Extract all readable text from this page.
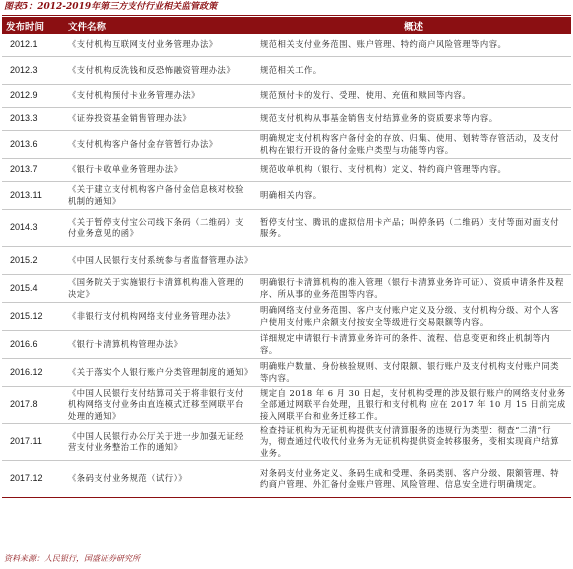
图表5：2012-2019年第三方支付行业相关监管政策
发布时间	文件名称	概述
2012.1	《支付机构互联网支付业务管理办法》	规范相关支付业务范围、账户管理、特约商户风险管理等内容。
2012.3	《支付机构反洗钱和反恐怖融资管理办法》	规范相关工作。
2012.9	《支付机构预付卡业务管理办法》	规范预付卡的发行、受理、使用、充值和赎回等内容。
2013.3	《证券投资基金销售管理办法》	规范支付机构从事基金销售支付结算业务的资质要求等内容。
2013.6	《支付机构客户备付金存管暂行办法》	明确规定支付机构客户备付金的存放、归集、使用、划转等存管活动，及支付机构在银行开设的备付金账户类型与功能等内容。
2013.7	《银行卡收单业务管理办法》	规范收单机构（银行、支付机构）定义、特约商户管理等内容。
2013.11	《关于建立支付机构客户备付金信息核对校验机制的通知》	明确相关内容。
2014.3	《关于暂停支付宝公司线下条码（二维码）支付业务意见的函》	暂停支付宝、腾讯的虚拟信用卡产品；叫停条码（二维码）支付等面对面支付服务。
2015.2	《中国人民银行支付系统参与者监督管理办法》	
2015.4	《国务院关于实施银行卡清算机构准入管理的决定》	明确银行卡清算机构的准入管理（银行卡清算业务许可证）、资质申请条件及程序、所从事的业务范围等内容。
2015.12	《非银行支付机构网络支付业务管理办法》	明确网络支付业务范围、客户支付账户定义及分级、支付机构分级、对个人客户使用支付账户余额支付按安全等级进行交易限额等内容。
2016.6	《银行卡清算机构管理办法》	详细规定申请银行卡清算业务许可的条件、流程、信息变更和终止机制等内容。
2016.12	《关于落实个人银行账户分类管理制度的通知》	明确账户数量、身份核验规则、支付限额、银行账户及支付机构支付账户同类等内容。
2017.8	《中国人民银行支付结算司关于将非银行支付机构网络支付业务由直连模式迁移至网联平台处理的通知》	规定自 2018 年 6 月 30 日起，支付机构受理的涉及银行账户的网络支付业务全部通过网联平台处理，且银行和支付机构 应在 2017 年 10 月 15 日前完成接入网联平台和业务迁移工作。
2017.11	《中国人民银行办公厅关于进一步加强无证经营支付业务整治工作的通知》	检查持证机构为无证机构提供支付清算服务的违规行为类型：彻查“二清”行为，彻查通过代收代付业务为无证机构提供资金转移服务，变相实现商户结算业务。
2017.12	《条码支付业务规范（试行）》	对条码支付业务定义、条码生成和受理、条码类别、客户分级、限额管理、特约商户管理、外汇备付金账户管理、风险管理、信息安全进行明确规定。
资料来源：人民银行，国盛证券研究所
